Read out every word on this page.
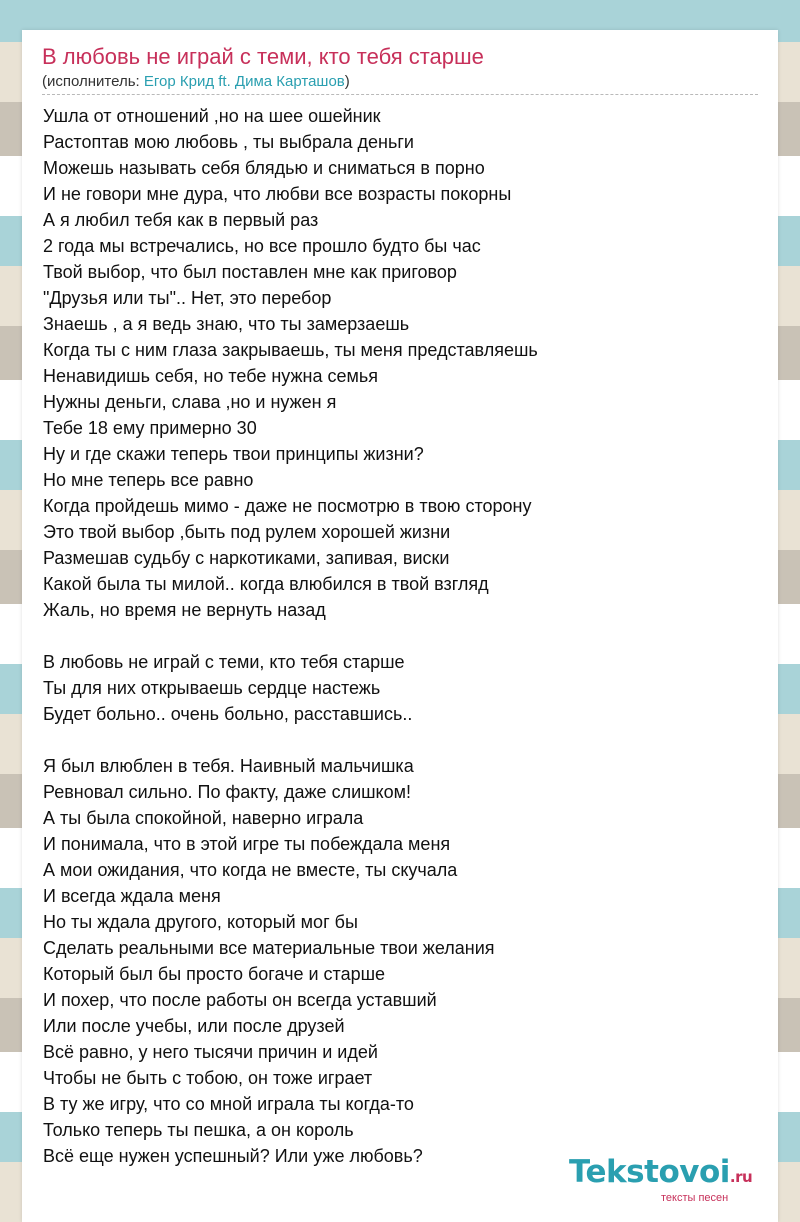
В любовь не играй с теми, кто тебя старше
(исполнитель: Егор Крид ft. Дима Карташов)
Ушла от отношений ,но на шее ошейник
Растоптав мою любовь , ты выбрала деньги
Можешь называть себя блядью и сниматься в порно
И не говори мне дура, что любви все возрасты покорны
А я любил тебя как в первый раз
2 года мы встречались, но все прошло будто бы час
Твой выбор, что был поставлен мне как приговор
"Друзья или ты".. Нет, это перебор
Знаешь , а я ведь знаю, что ты замерзаешь
Когда ты с ним глаза закрываешь, ты меня представляешь
Ненавидишь себя, но тебе нужна семья
Нужны деньги, слава ,но и нужен я
Тебе 18 ему примерно 30
Ну и где скажи теперь твои принципы жизни?
Но мне теперь все равно
Когда пройдешь мимо - даже не посмотрю в твою сторону
Это твой выбор ,быть под рулем хорошей жизни
Размешав судьбу с наркотиками, запивая, виски
Какой была ты милой.. когда влюбился в твой взгляд
Жаль, но время не вернуть назад
В любовь не играй с теми, кто тебя старше
Ты для них открываешь сердце настежь
Будет больно.. очень больно, расставшись..
Я был влюблен в тебя. Наивный мальчишка
Ревновал сильно. По факту, даже слишком!
А ты была спокойной, наверно играла
И понимала, что в этой игре ты побеждала меня
А мои ожидания, что когда не вместе, ты скучала
И всегда ждала меня
Но ты ждала другого, который мог бы
Сделать реальными все материальные твои желания
Который был бы просто богаче и старше
И похер, что после работы он всегда уставший
Или после учебы, или после друзей
Всё равно, у него тысячи причин и идей
Чтобы не быть с тобою, он тоже играет
В ту же игру, что со мной играла ты когда-то
Только теперь ты пешка, а он король
Всё еще нужен успешный? Или уже любовь?	Tekstovoi.ru
тексты песен
